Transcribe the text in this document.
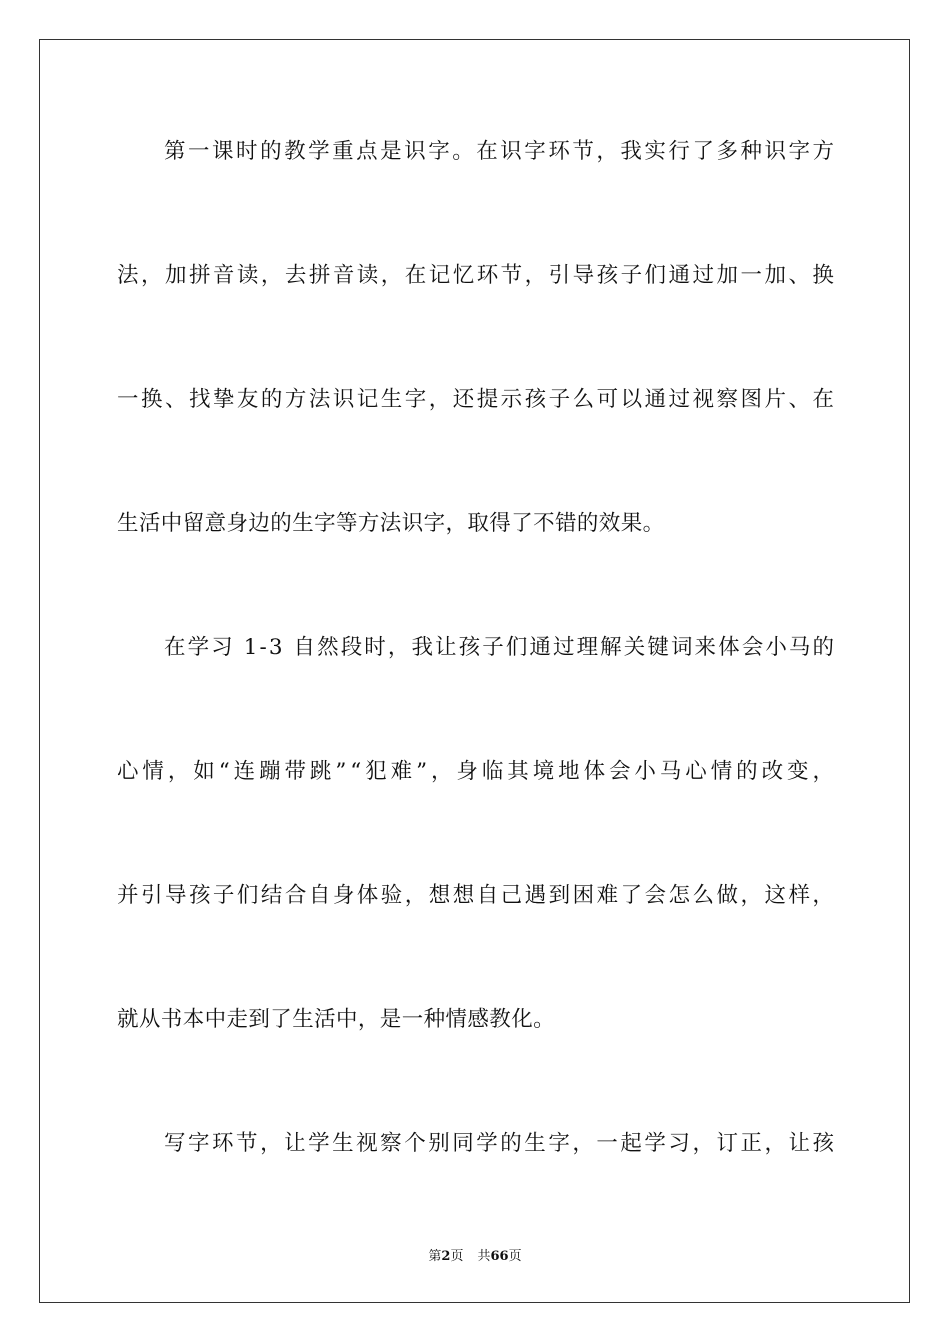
第一课时的教学重点是识字。在识字环节，我实行了多种识字方
法，加拼音读，去拼音读，在记忆环节，引导孩子们通过加一加、换
一换、找挚友的方法识记生字，还提示孩子么可以通过视察图片、在
生活中留意身边的生字等方法识字，取得了不错的效果。
在学习 1-3 自然段时，我让孩子们通过理解关键词来体会小马的
心情，如“连蹦带跳”“犯难”，身临其境地体会小马心情的改变，
并引导孩子们结合自身体验，想想自己遇到困难了会怎么做，这样，
就从书本中走到了生活中，是一种情感教化。
写字环节，让学生视察个别同学的生字，一起学习，订正，让孩
第2页 共66页
